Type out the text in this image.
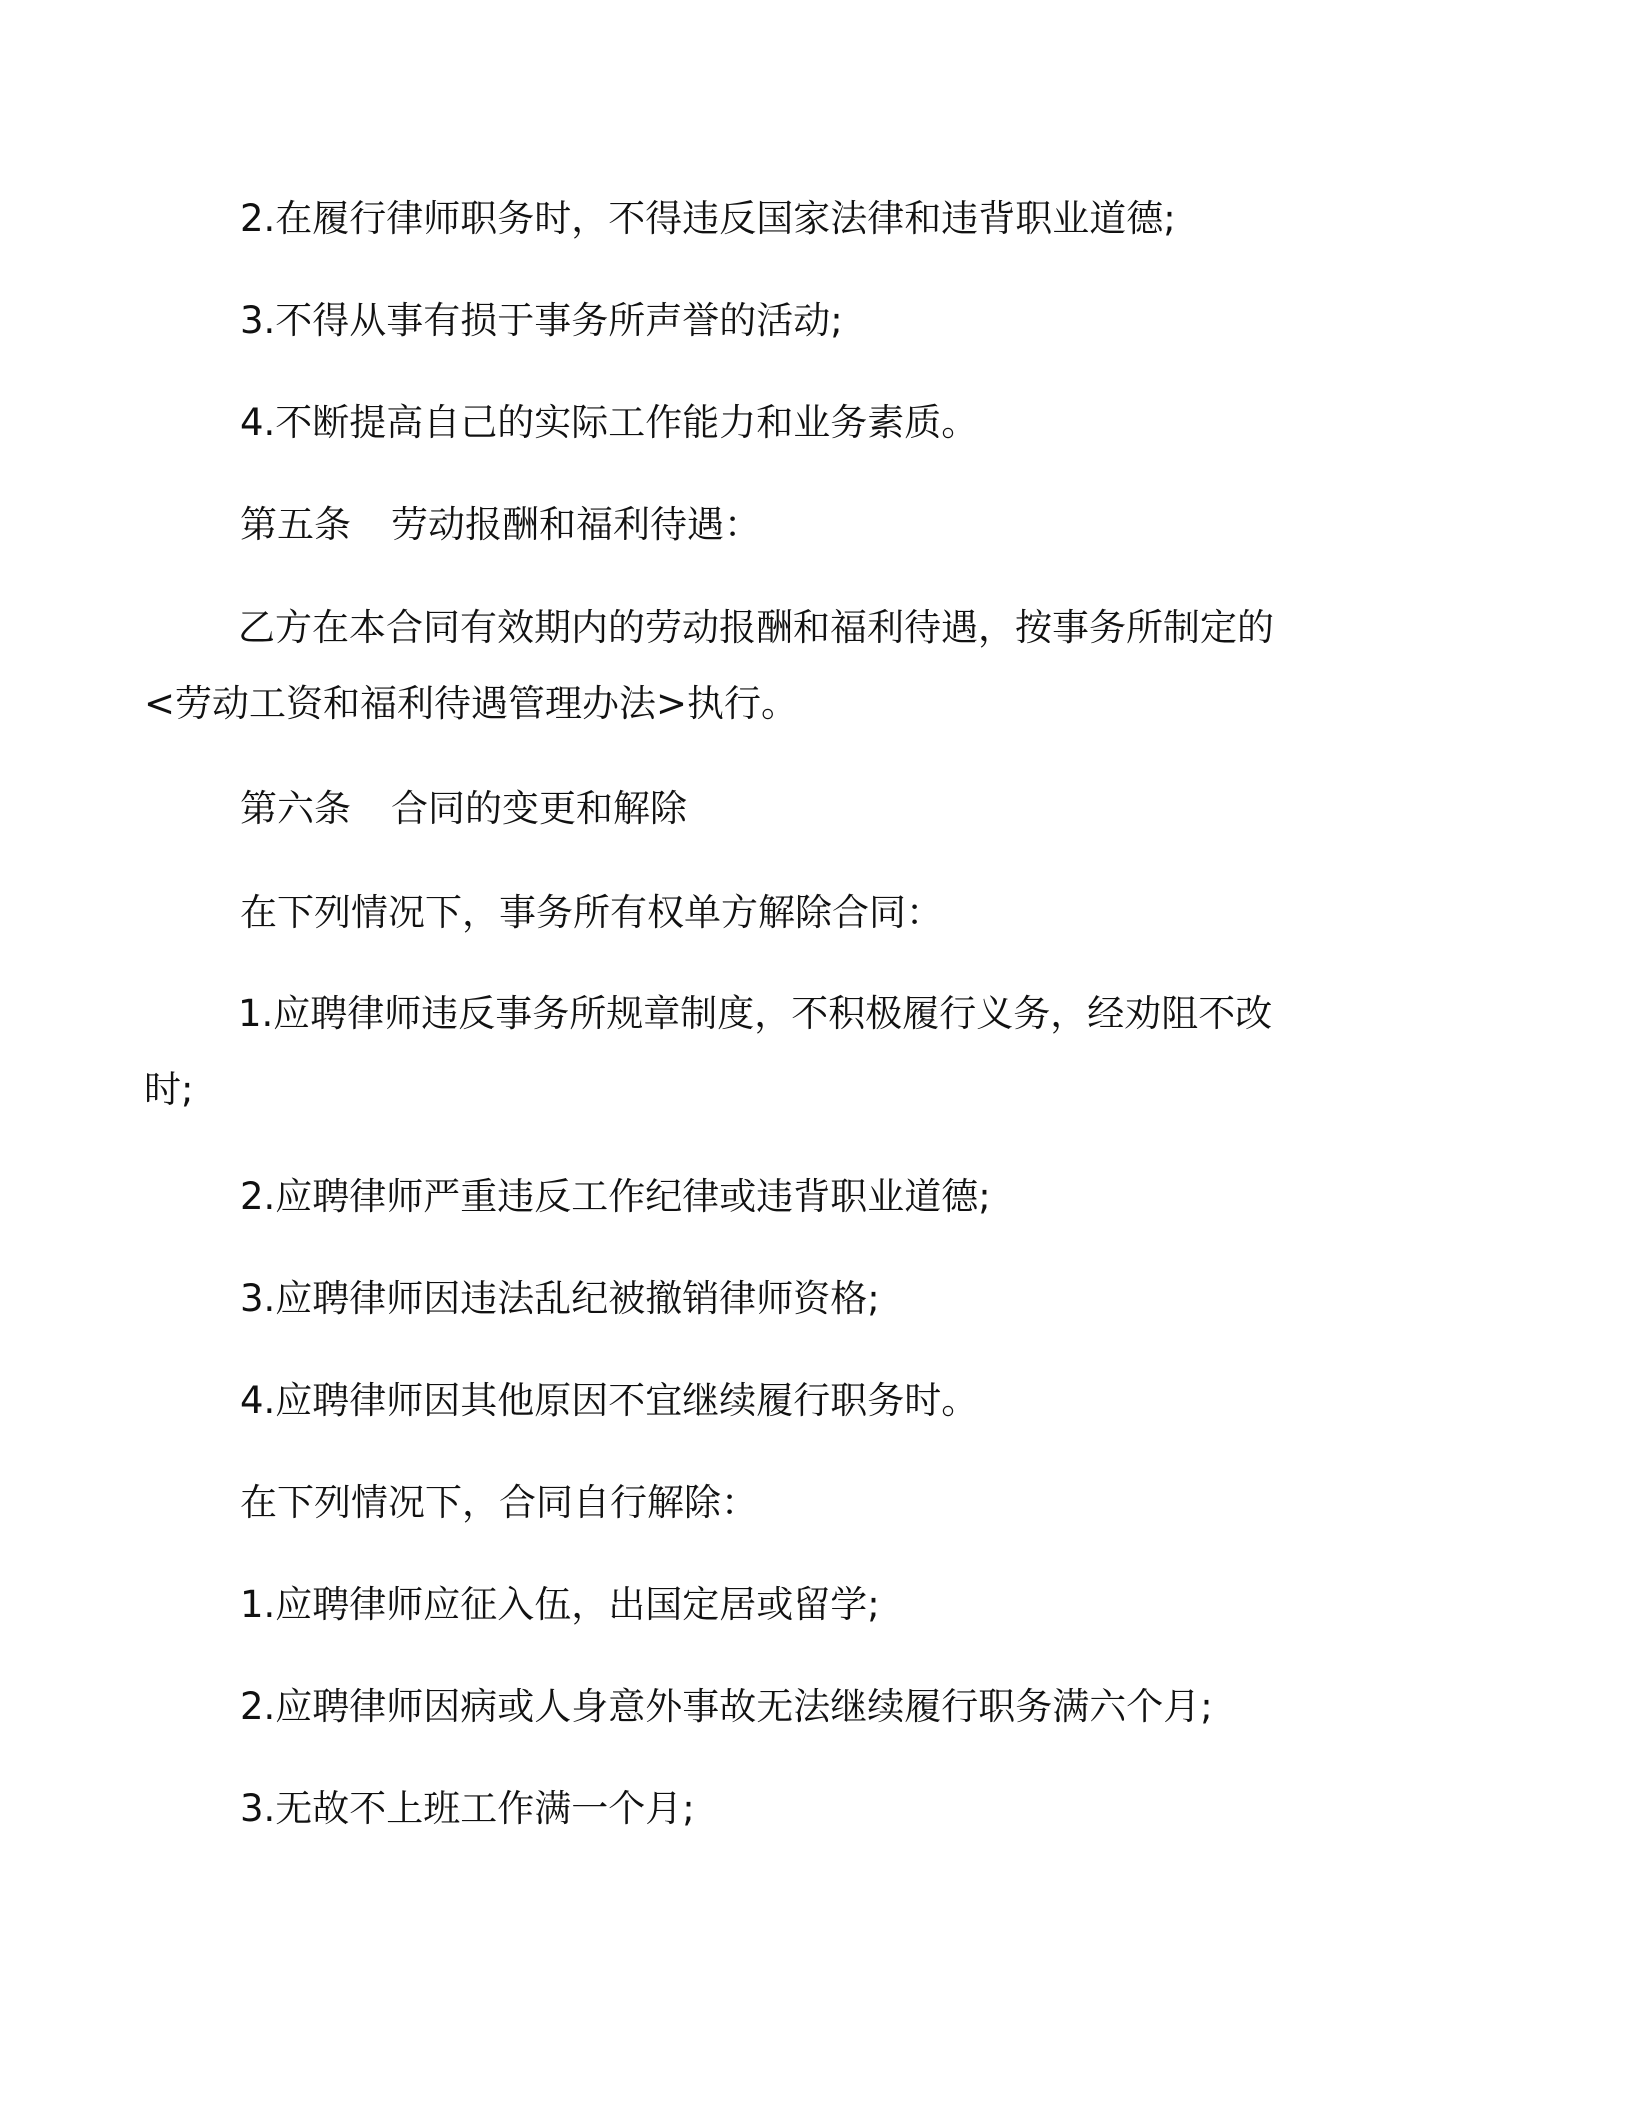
2.在履行律师职务时，不得违反国家法律和违背职业道德;
3.不得从事有损于事务所声誉的活动;
4.不断提高自己的实际工作能力和业务素质。
第五条 劳动报酬和福利待遇：
乙方在本合同有效期内的劳动报酬和福利待遇，按事务所制定的<劳动工资和福利待遇管理办法>执行。
第六条 合同的变更和解除
在下列情况下，事务所有权单方解除合同：
1.应聘律师违反事务所规章制度，不积极履行义务，经劝阻不改时;
2.应聘律师严重违反工作纪律或违背职业道德;
3.应聘律师因违法乱纪被撤销律师资格;
4.应聘律师因其他原因不宜继续履行职务时。
在下列情况下，合同自行解除：
1.应聘律师应征入伍，出国定居或留学;
2.应聘律师因病或人身意外事故无法继续履行职务满六个月;
3.无故不上班工作满一个月;
